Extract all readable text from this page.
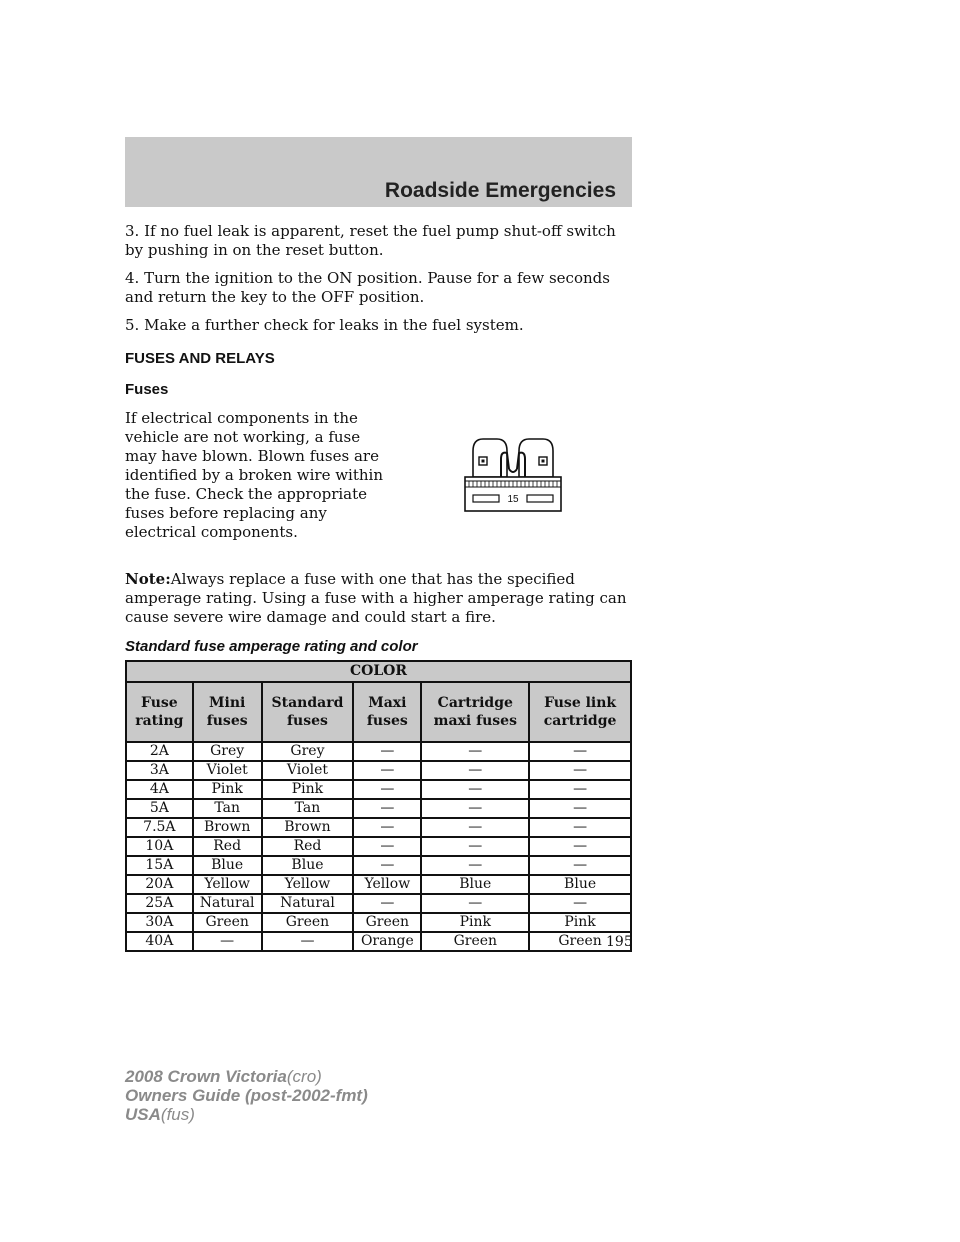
Roadside Emergencies

3. If no fuel leak is apparent, reset the fuel pump shut-off switch by pushing in on the reset button.

4. Turn the ignition to the ON position. Pause for a few seconds and return the key to the OFF position.

5. Make a further check for leaks in the fuel system.

FUSES AND RELAYS
Fuses

If electrical components in the vehicle are not working, a fuse may have blown. Blown fuses are identified by a broken wire within the fuse. Check the appropriate fuses before replacing any electrical components.

15

Note:Always replace a fuse with one that has the specified amperage rating. Using a fuse with a higher amperage rating can cause severe wire damage and could start a fire.

Standard fuse amperage rating and color
COLOR					
Fuse rating	Mini fuses	Standard fuses	Maxi fuses	Cartridge maxi fuses	Fuse link cartridge
2A	Grey	Grey	—	—	—
3A	Violet	Violet	—	—	—
4A	Pink	Pink	—	—	—
5A	Tan	Tan	—	—	—
7.5A	Brown	Brown	—	—	—
10A	Red	Red	—	—	—
15A	Blue	Blue	—	—	—
20A	Yellow	Yellow	Yellow	Blue	Blue
25A	Natural	Natural	—	—	—
30A	Green	Green	Green	Pink	Pink
40A	—	—	Orange	Green	Green 195
2008 Crown Victoria(cro)
Owners Guide (post-2002-fmt)
USA(fus)
